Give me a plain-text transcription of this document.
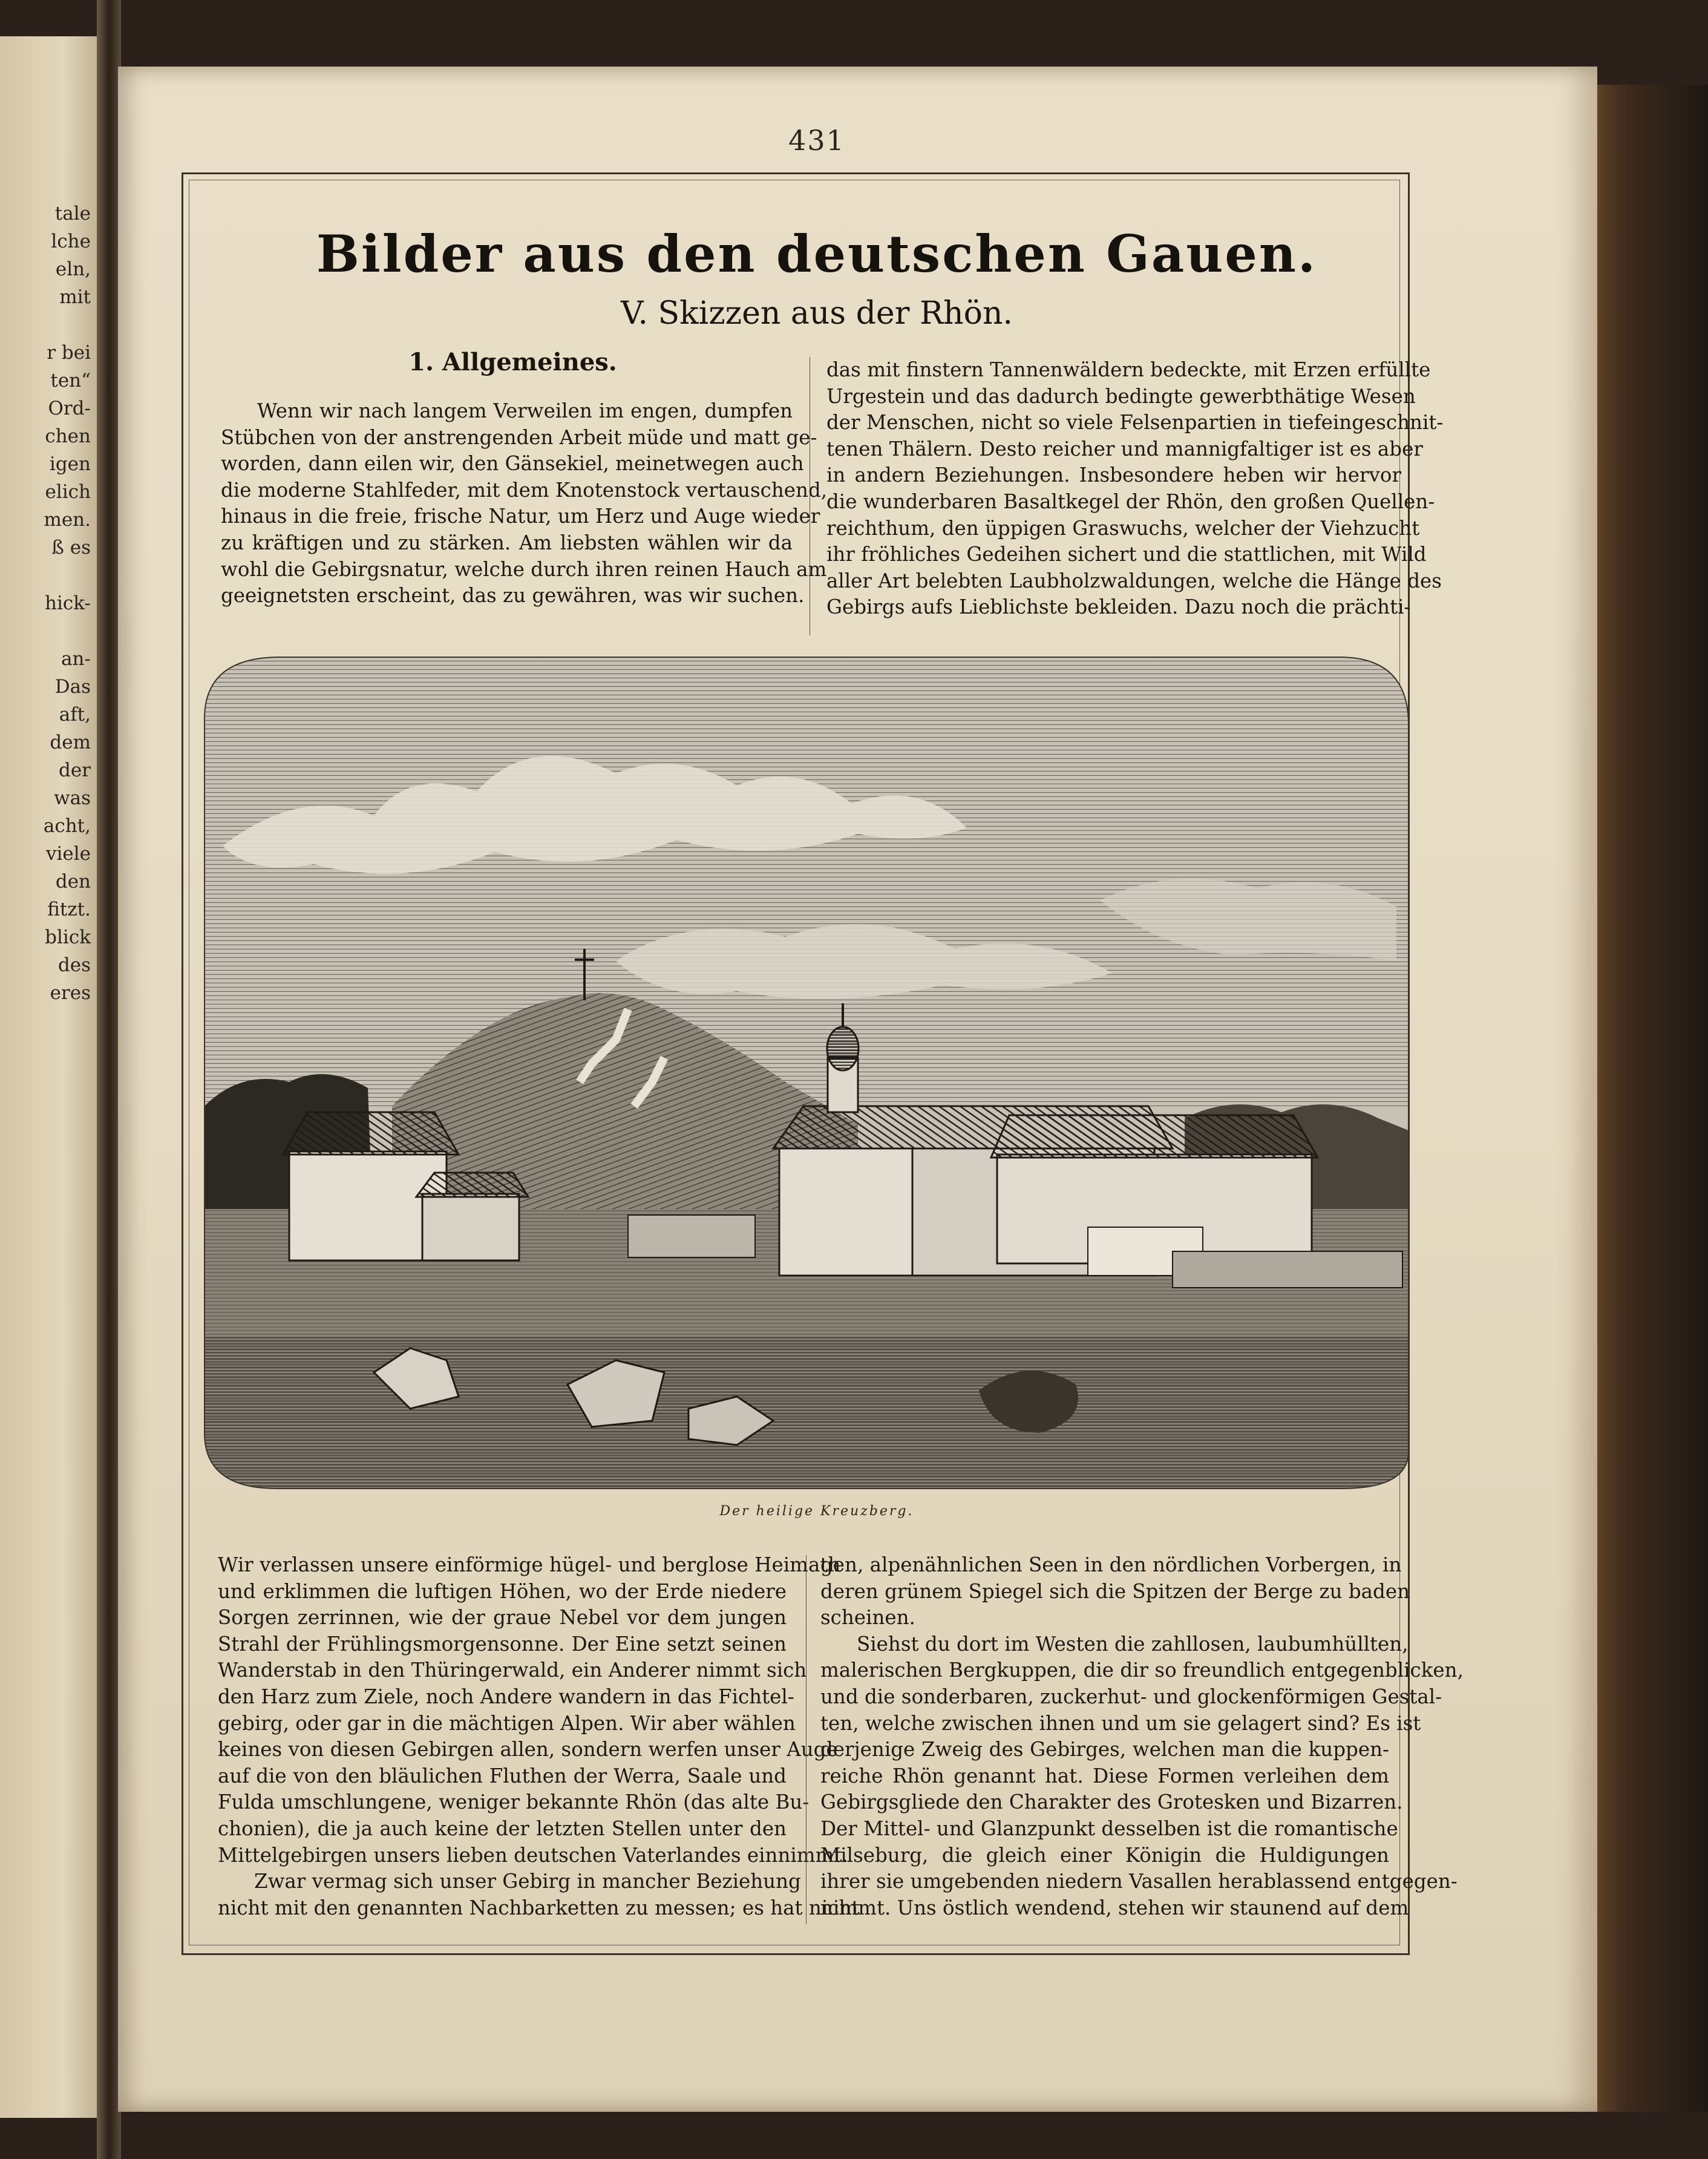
tale
lche
eln,
mit
r bei
ten“
Ord-
chen
igen
elich
men.
ß es
hick-
an-
Das
aft,
dem
der
was
acht,
viele
den
fitzt.
blick
des
eres
431
Bilder aus den deutschen Gauen.
V. Skizzen aus der Rhön.
1. Allgemeines.
Wenn wir nach langem Verweilen im engen, dumpfen
Stübchen von der anstrengenden Arbeit müde und matt ge-
worden, dann eilen wir, den Gänsekiel, meinetwegen auch
die moderne Stahlfeder, mit dem Knotenstock vertauschend,
hinaus in die freie, frische Natur, um Herz und Auge wieder
zu kräftigen und zu stärken. Am liebsten wählen wir da
wohl die Gebirgsnatur, welche durch ihren reinen Hauch am
geeignetsten erscheint, das zu gewähren, was wir suchen.
das mit finstern Tannenwäldern bedeckte, mit Erzen erfüllte
Urgestein und das dadurch bedingte gewerbthätige Wesen
der Menschen, nicht so viele Felsenpartien in tiefeingeschnit-
tenen Thälern. Desto reicher und mannigfaltiger ist es aber
in andern Beziehungen. Insbesondere heben wir hervor
die wunderbaren Basaltkegel der Rhön, den großen Quellen-
reichthum, den üppigen Graswuchs, welcher der Viehzucht
ihr fröhliches Gedeihen sichert und die stattlichen, mit Wild
aller Art belebten Laubholzwaldungen, welche die Hänge des
Gebirgs aufs Lieblichste bekleiden. Dazu noch die prächti-
Der heilige Kreuzberg.
Wir verlassen unsere einförmige hügel- und berglose Heimath
und erklimmen die luftigen Höhen, wo der Erde niedere
Sorgen zerrinnen, wie der graue Nebel vor dem jungen
Strahl der Frühlingsmorgensonne. Der Eine setzt seinen
Wanderstab in den Thüringerwald, ein Anderer nimmt sich
den Harz zum Ziele, noch Andere wandern in das Fichtel-
gebirg, oder gar in die mächtigen Alpen. Wir aber wählen
keines von diesen Gebirgen allen, sondern werfen unser Auge
auf die von den bläulichen Fluthen der Werra, Saale und
Fulda umschlungene, weniger bekannte Rhön (das alte Bu-
chonien), die ja auch keine der letzten Stellen unter den
Mittelgebirgen unsers lieben deutschen Vaterlandes einnimmt.
Zwar vermag sich unser Gebirg in mancher Beziehung
nicht mit den genannten Nachbarketten zu messen; es hat nicht
gen, alpenähnlichen Seen in den nördlichen Vorbergen, in
deren grünem Spiegel sich die Spitzen der Berge zu baden
scheinen.
Siehst du dort im Westen die zahllosen, laubumhüllten,
malerischen Bergkuppen, die dir so freundlich entgegenblicken,
und die sonderbaren, zuckerhut- und glockenförmigen Gestal-
ten, welche zwischen ihnen und um sie gelagert sind? Es ist
derjenige Zweig des Gebirges, welchen man die kuppen-
reiche Rhön genannt hat. Diese Formen verleihen dem
Gebirgsgliede den Charakter des Grotesken und Bizarren.
Der Mittel- und Glanzpunkt desselben ist die romantische
Milseburg, die gleich einer Königin die Huldigungen
ihrer sie umgebenden niedern Vasallen herablassend entgegen-
nimmt. Uns östlich wendend, stehen wir staunend auf dem
